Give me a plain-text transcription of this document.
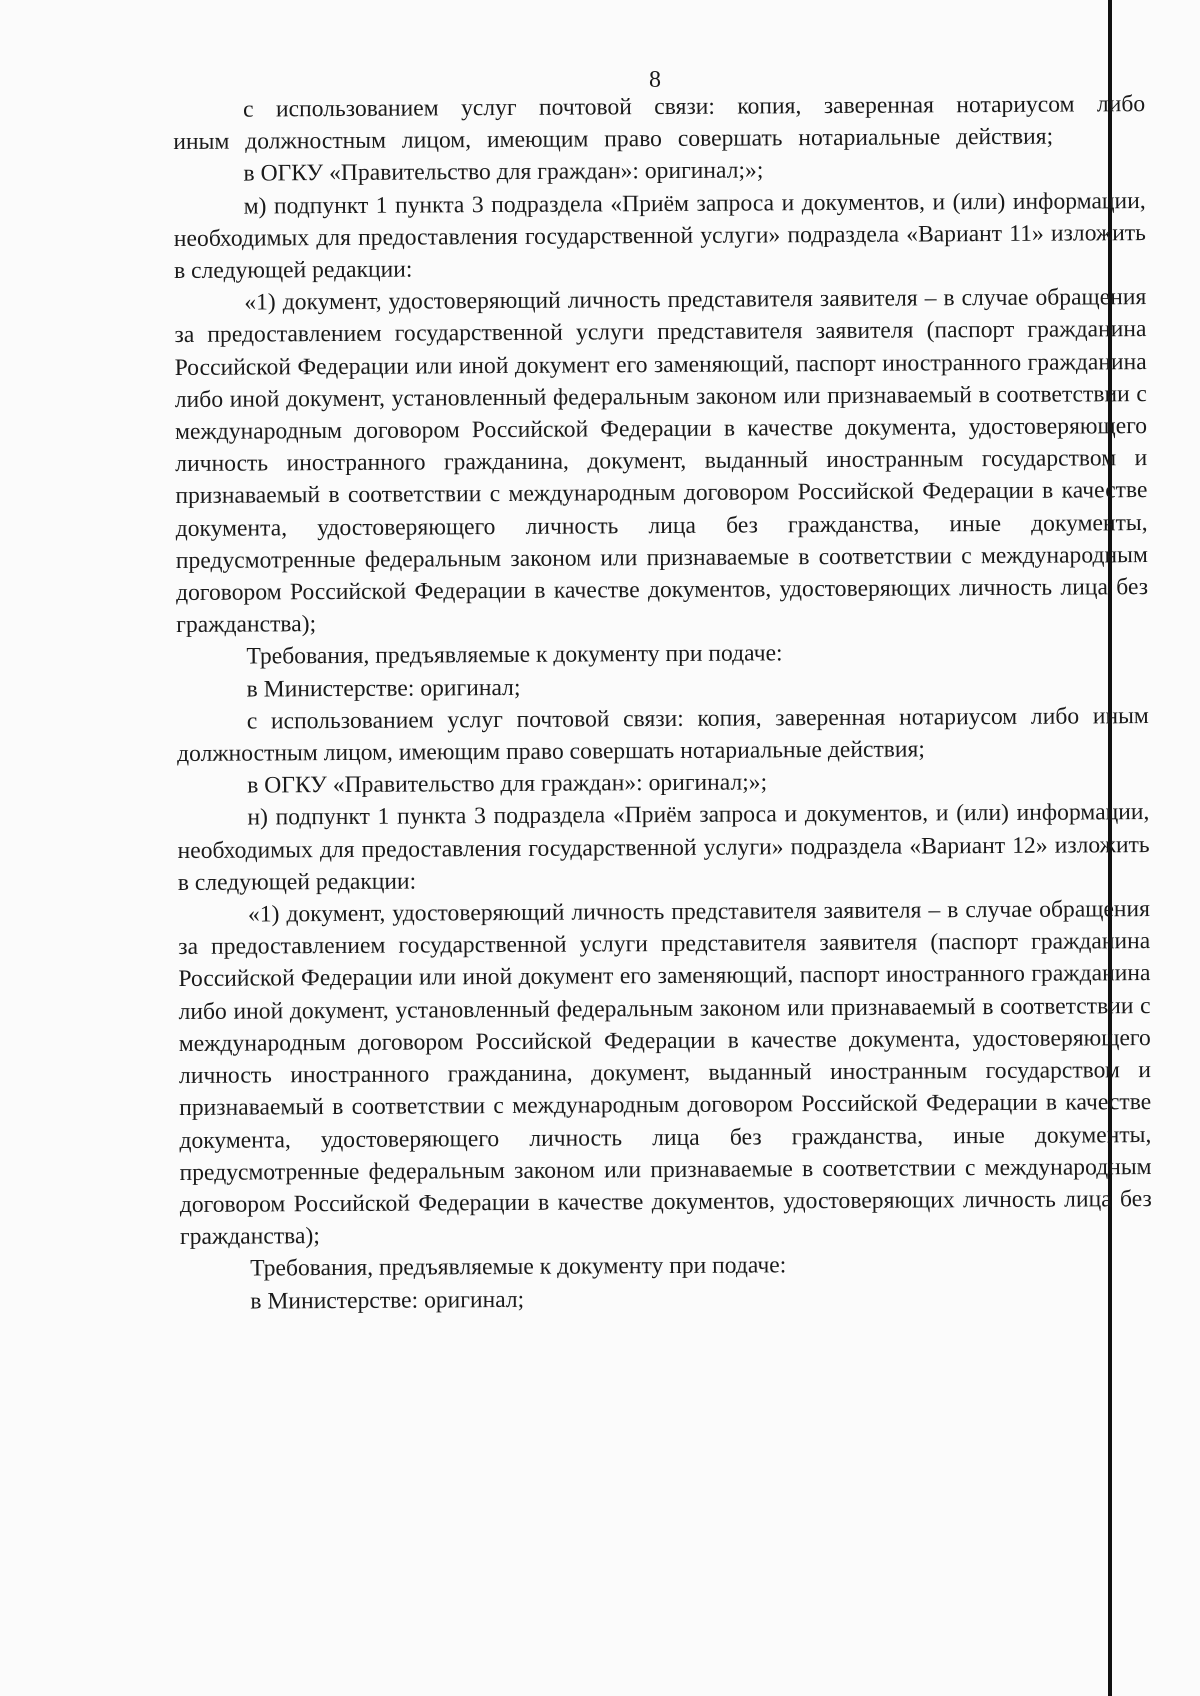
8

с использованием услуг почтовой связи: копия, заверенная нотариусом либо иным должностным лицом, имеющим право совершать нотариальные действия;

в ОГКУ «Правительство для граждан»: оригинал;»;

м) подпункт 1 пункта 3 подраздела «Приём запроса и документов, и (или) информации, необходимых для предоставления государственной услуги» подраздела «Вариант 11» изложить в следующей редакции:

«1) документ, удостоверяющий личность представителя заявителя – в случае обращения за предоставлением государственной услуги представителя заявителя (паспорт гражданина Российской Федерации или иной документ его заменяющий, паспорт иностранного гражданина либо иной документ, установленный федеральным законом или признаваемый в соответствии с международным договором Российской Федерации в качестве документа, удостоверяющего личность иностранного гражданина, документ, выданный иностранным государством и признаваемый в соответствии с международным договором Российской Федерации в качестве документа, удостоверяющего личность лица без гражданства, иные документы, предусмотренные федеральным законом или признаваемые в соответствии с международным договором Российской Федерации в качестве документов, удостоверяющих личность лица без гражданства);

Требования, предъявляемые к документу при подаче:

в Министерстве: оригинал;

с использованием услуг почтовой связи: копия, заверенная нотариусом либо иным должностным лицом, имеющим право совершать нотариальные действия;

в ОГКУ «Правительство для граждан»: оригинал;»;

н) подпункт 1 пункта 3 подраздела «Приём запроса и документов, и (или) информации, необходимых для предоставления государственной услуги» подраздела «Вариант 12» изложить в следующей редакции:

«1) документ, удостоверяющий личность представителя заявителя – в случае обращения за предоставлением государственной услуги представителя заявителя (паспорт гражданина Российской Федерации или иной документ его заменяющий, паспорт иностранного гражданина либо иной документ, установленный федеральным законом или признаваемый в соответствии с международным договором Российской Федерации в качестве документа, удостоверяющего личность иностранного гражданина, документ, выданный иностранным государством и признаваемый в соответствии с международным договором Российской Федерации в качестве документа, удостоверяющего личность лица без гражданства, иные документы, предусмотренные федеральным законом или признаваемые в соответствии с международным договором Российской Федерации в качестве документов, удостоверяющих личность лица без гражданства);

Требования, предъявляемые к документу при подаче:

в Министерстве: оригинал;
